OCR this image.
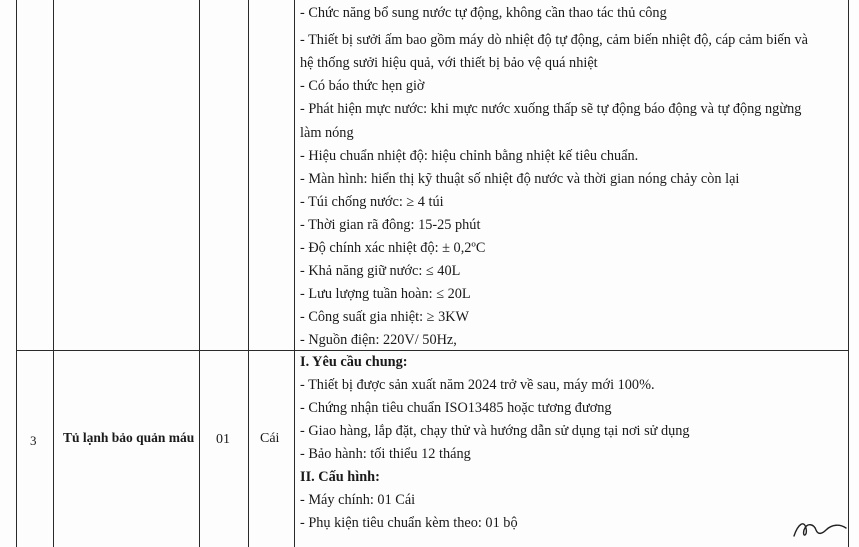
- Chức năng bổ sung nước tự động, không cần thao tác thủ công
- Thiết bị sưởi ấm bao gồm máy dò nhiệt độ tự động, cảm biến nhiệt độ, cáp cảm biến và
hệ thống sưởi hiệu quả, với thiết bị bảo vệ quá nhiệt
- Có báo thức hẹn giờ
- Phát hiện mực nước: khi mực nước xuống thấp sẽ tự động báo động và tự động ngừng
làm nóng
- Hiệu chuẩn nhiệt độ: hiệu chỉnh bằng nhiệt kế tiêu chuẩn.
- Màn hình: hiển thị kỹ thuật số nhiệt độ nước và thời gian nóng chảy còn lại
- Túi chống nước: ≥ 4 túi
- Thời gian rã đông: 15-25 phút
- Độ chính xác nhiệt độ: ± 0,2ºC
- Khả năng giữ nước: ≤ 40L
- Lưu lượng tuần hoàn: ≤ 20L
- Công suất gia nhiệt: ≥ 3KW
- Nguồn điện: 220V/ 50Hz,
3 Tủ lạnh bảo quản máu 01 Cái
I. Yêu cầu chung:
- Thiết bị được sản xuất năm 2024 trở về sau, máy mới 100%.
- Chứng nhận tiêu chuẩn ISO13485 hoặc tương đương
- Giao hàng, lắp đặt, chạy thử và hướng dẫn sử dụng tại nơi sử dụng
- Bảo hành: tối thiểu 12 tháng
II. Cấu hình:
- Máy chính: 01 Cái
- Phụ kiện tiêu chuẩn kèm theo: 01 bộ
